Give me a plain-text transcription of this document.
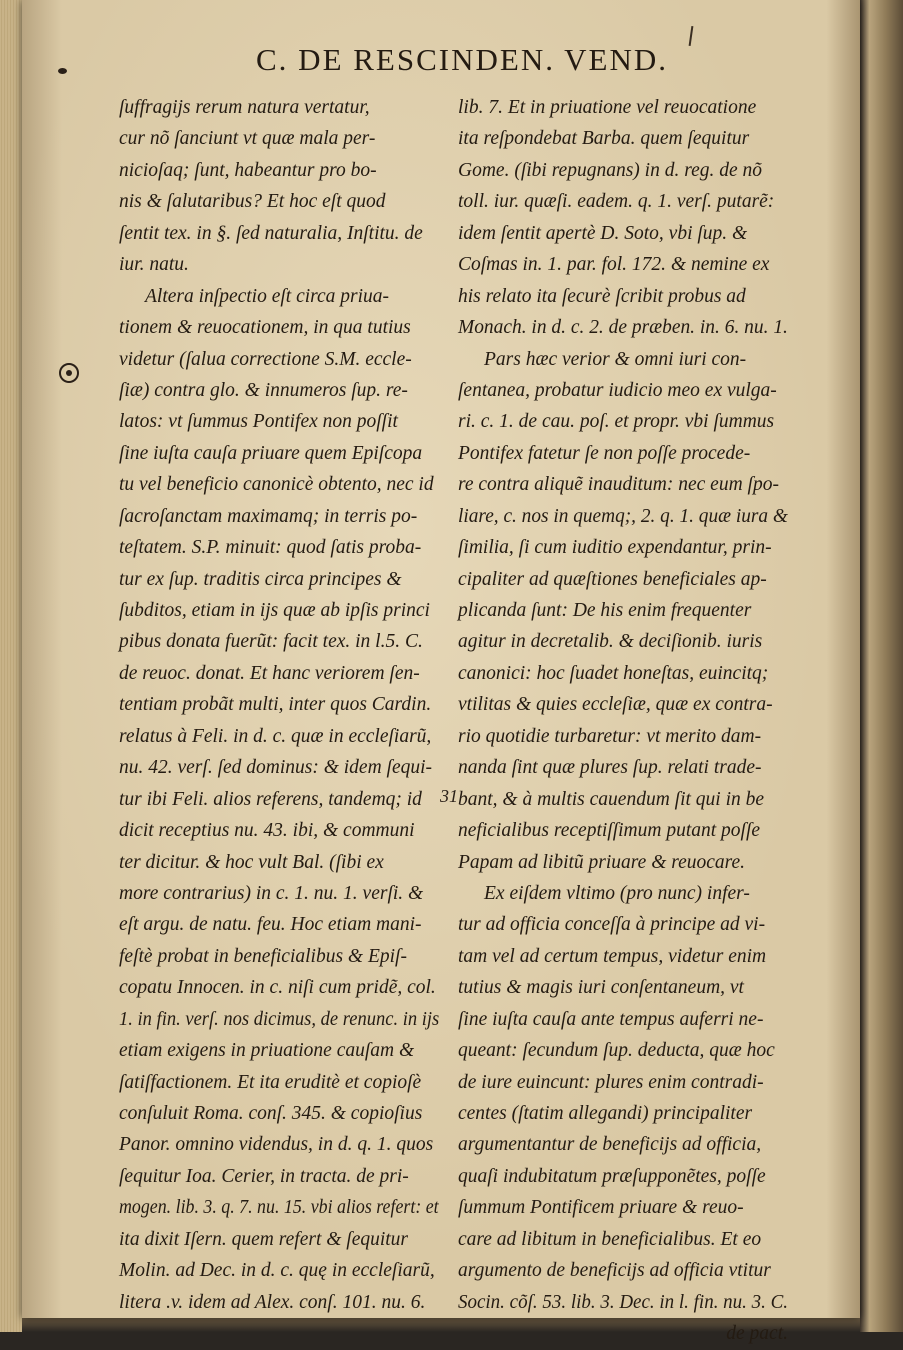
C. DE RESCINDEN. VEND.
31
ſuffragijs rerum natura vertatur,
cur nõ ſanciunt vt quæ mala per-
nicioſaq; ſunt, habeantur pro bo-
nis & ſalutaribus? Et hoc eſt quod
ſentit tex. in §. ſed naturalia, Inſtitu. de
iur. natu.
Altera inſpectio eſt circa priua-
tionem & reuocationem, in qua tutius
videtur (ſalua correctione S.M. eccle-
ſiæ) contra glo. & innumeros ſup. re-
latos: vt ſummus Pontifex non poſſit
ſine iuſta cauſa priuare quem Epiſcopa
tu vel beneficio canonicè obtento, nec id
ſacroſanctam maximamq; in terris po-
teſtatem. S.P. minuit: quod ſatis proba-
tur ex ſup. traditis circa principes &
ſubditos, etiam in ijs quæ ab ipſis princi
pibus donata fuerũt: facit tex. in l.5. C.
de reuoc. donat. Et hanc veriorem ſen-
tentiam probãt multi, inter quos Cardin.
relatus à Feli. in d. c. quæ in eccleſiarũ,
nu. 42. verſ. ſed dominus: & idem ſequi-
tur ibi Feli. alios referens, tandemq; id
dicit receptius nu. 43. ibi, & communi
ter dicitur. & hoc vult Bal. (ſibi ex
more contrarius) in c. 1. nu. 1. verſi. &
eſt argu. de natu. feu. Hoc etiam mani-
feſtè probat in beneficialibus & Epiſ-
copatu Innocen. in c. niſi cum pridẽ, col.
1. in fin. verſ. nos dicimus, de renunc. in ijs
etiam exigens in priuatione cauſam &
ſatiſfactionem. Et ita eruditè et copioſè
conſuluit Roma. conſ. 345. & copioſius
Panor. omnino videndus, in d. q. 1. quos
ſequitur Ioa. Cerier, in tracta. de pri-
mogen. lib. 3. q. 7. nu. 15. vbi alios refert: et
ita dixit Iſern. quem refert & ſequitur
Molin. ad Dec. in d. c. quę in eccleſiarũ,
litera .v. idem ad Alex. conſ. 101. nu. 6.
lib. 7. Et in priuatione vel reuocatione
ita reſpondebat Barba. quem ſequitur
Gome. (ſibi repugnans) in d. reg. de nõ
toll. iur. quæſi. eadem. q. 1. verſ. putarẽ:
idem ſentit apertè D. Soto, vbi ſup. &
Coſmas in. 1. par. fol. 172. & nemine ex
his relato ita ſecurè ſcribit probus ad
Monach. in d. c. 2. de præben. in. 6. nu. 1.
Pars hæc verior & omni iuri con-
ſentanea, probatur iudicio meo ex vulga-
ri. c. 1. de cau. poſ. et propr. vbi ſummus
Pontifex fatetur ſe non poſſe procede-
re contra aliquẽ inauditum: nec eum ſpo-
liare, c. nos in quemq;, 2. q. 1. quæ iura &
ſimilia, ſi cum iuditio expendantur, prin-
cipaliter ad quæſtiones beneficiales ap-
plicanda ſunt: De his enim frequenter
agitur in decretalib. & deciſionib. iuris
canonici: hoc ſuadet honeſtas, euincitq;
vtilitas & quies eccleſiæ, quæ ex contra-
rio quotidie turbaretur: vt merito dam-
nanda ſint quæ plures ſup. relati trade-
bant, & à multis cauendum ſit qui in be
neficialibus receptiſſimum putant poſſe
Papam ad libitũ priuare & reuocare.
Ex eiſdem vltimo (pro nunc) infer-
tur ad officia conceſſa à principe ad vi-
tam vel ad certum tempus, videtur enim
tutius & magis iuri conſentaneum, vt
ſine iuſta cauſa ante tempus auferri ne-
queant: ſecundum ſup. deducta, quæ hoc
de iure euincunt: plures enim contradi-
centes (ſtatim allegandi) principaliter
argumentantur de beneficijs ad officia,
quaſi indubitatum præſupponẽtes, poſſe
ſummum Pontificem priuare & reuo-
care ad libitum in beneficialibus. Et eo
argumento de beneficijs ad officia vtitur
Socin. cõſ. 53. lib. 3. Dec. in l. fin. nu. 3. C.
de pact.
